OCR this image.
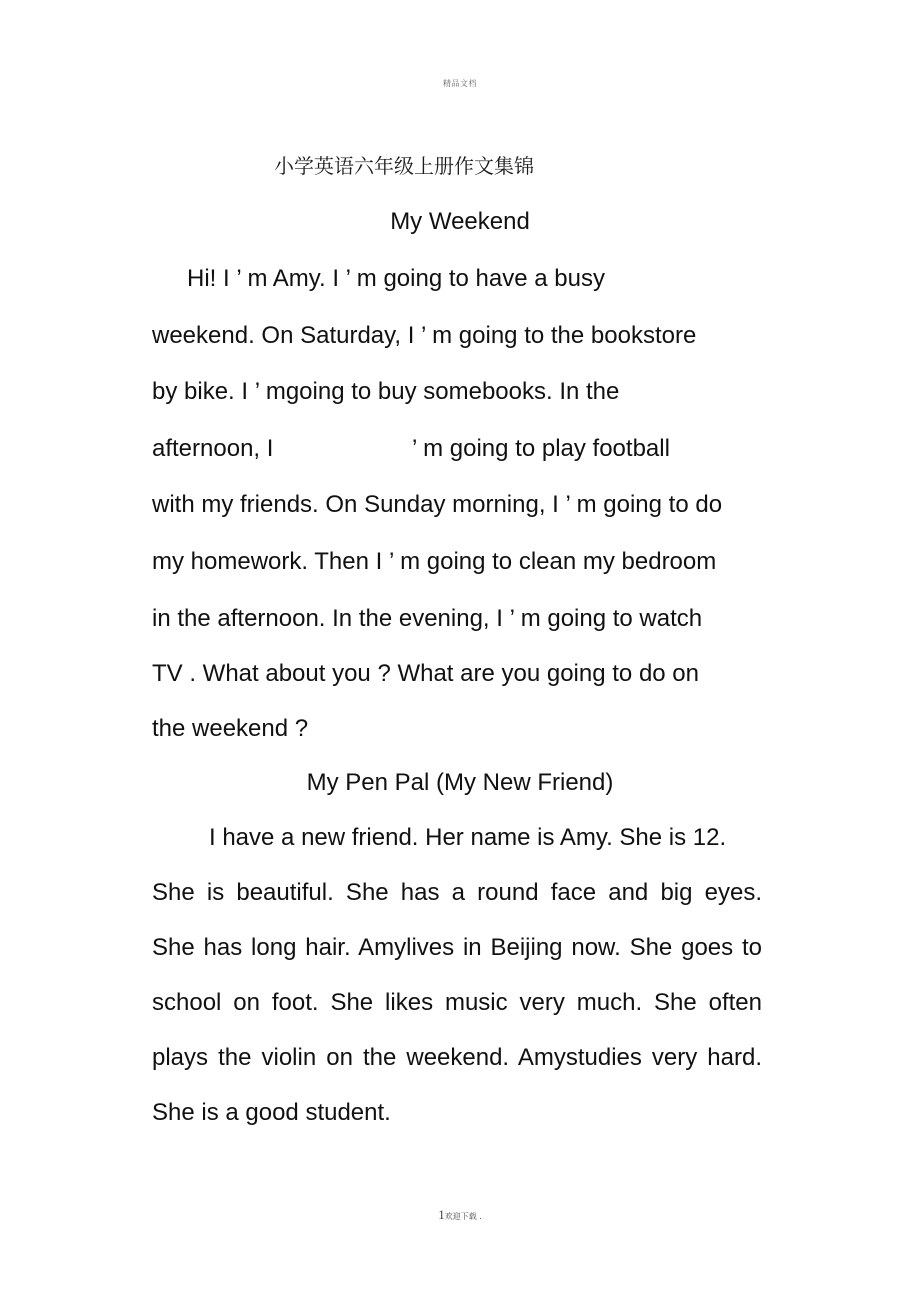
精品文档
小学英语六年级上册作文集锦
My Weekend
Hi! I ’ m Amy. I ’ m going to have a busy
weekend. On Saturday, I ’ m going to the bookstore
by bike. I ’ mgoing to buy somebooks. In the
afternoon, I	’ m going to play football
with my friends. On Sunday morning, I ’ m going to do
my homework. Then I ’ m going to clean my bedroom
in the afternoon. In the evening, I ’ m going to watch
TV . What about you ? What are you going to do on
the weekend ?
My Pen Pal (My New Friend)
I have a new friend. Her name is Amy. She is 12.
She is beautiful. She has a round face and big eyes.
She has long hair. Amylives in Beijing now. She goes to
school on foot. She likes music very much. She often
plays the violin on the weekend. Amystudies very hard.
She is a good student.
1欢迎下载 .
